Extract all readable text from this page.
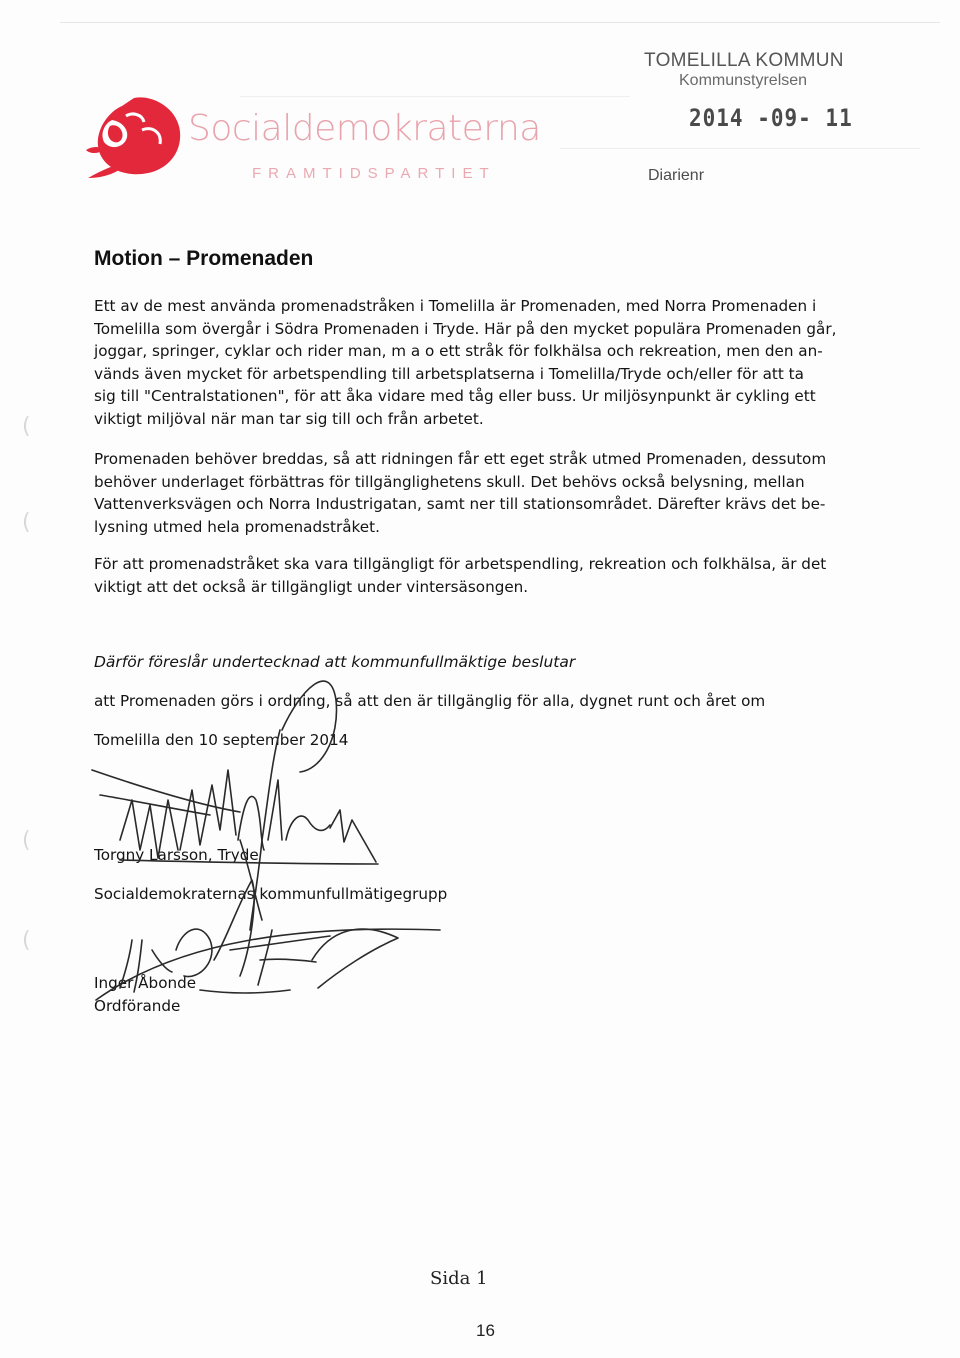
Socialdemokraterna
FRAMTIDSPARTIET
TOMELILLA KOMMUN
Kommunstyrelsen
2014 -09- 11
Diarienr
Motion – Promenaden
Ett av de mest använda promenadstråken i Tomelilla är Promenaden, med Norra Promenaden i
Tomelilla som övergår i Södra Promenaden i Tryde. Här på den mycket populära Promenaden går,
joggar, springer, cyklar och rider man, m a o ett stråk för folkhälsa och rekreation, men den an-
vänds även mycket för arbetspendling till arbetsplatserna i Tomelilla/Tryde och/eller för att ta
sig till "Centralstationen", för att åka vidare med tåg eller buss. Ur miljösynpunkt är cykling ett
viktigt miljöval när man tar sig till och från arbetet.
Promenaden behöver breddas, så att ridningen får ett eget stråk utmed Promenaden, dessutom
behöver underlaget förbättras för tillgänglighetens skull. Det behövs också belysning, mellan
Vattenverksvägen och Norra Industrigatan, samt ner till stationsområdet. Därefter krävs det be-
lysning utmed hela promenadstråket.
För att promenadstråket ska vara tillgängligt för arbetspendling, rekreation och folkhälsa, är det
viktigt att det också är tillgängligt under vintersäsongen.
Därför föreslår undertecknad att kommunfullmäktige beslutar
att Promenaden görs i ordning, så att den är tillgänglig för alla, dygnet runt och året om
Tomelilla den 10 september 2014
Torgny Larsson, Tryde
Socialdemokraternas kommunfullmätigegrupp
Inger Åbonde
Ordförande
(
(
(
(
Sida 1
16
